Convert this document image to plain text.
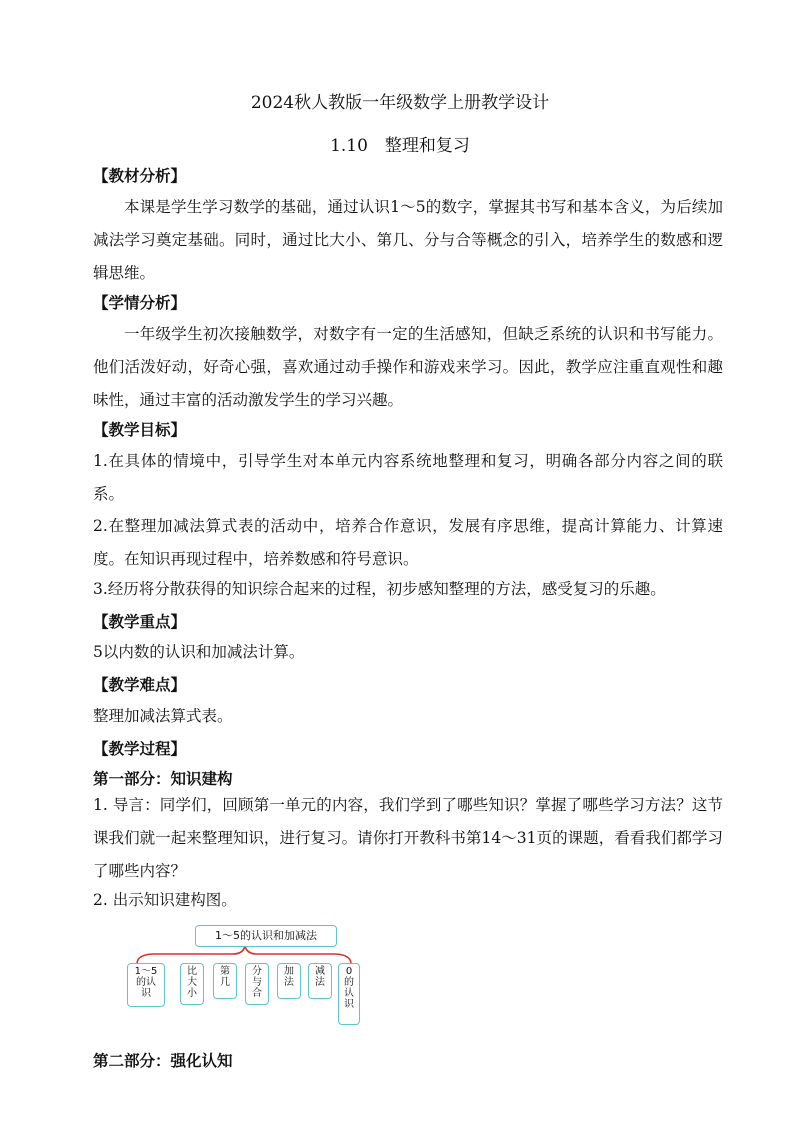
2024秋人教版一年级数学上册教学设计
1.10　整理和复习
【教材分析】
本课是学生学习数学的基础，通过认识1～5的数字，掌握其书写和基本含义，为后续加减法学习奠定基础。同时，通过比大小、第几、分与合等概念的引入，培养学生的数感和逻辑思维。
【学情分析】
一年级学生初次接触数学，对数字有一定的生活感知，但缺乏系统的认识和书写能力。他们活泼好动，好奇心强，喜欢通过动手操作和游戏来学习。因此，教学应注重直观性和趣味性，通过丰富的活动激发学生的学习兴趣。
【教学目标】
1.在具体的情境中，引导学生对本单元内容系统地整理和复习，明确各部分内容之间的联系。
2.在整理加减法算式表的活动中，培养合作意识，发展有序思维，提高计算能力、计算速度。在知识再现过程中，培养数感和符号意识。
3.经历将分散获得的知识综合起来的过程，初步感知整理的方法，感受复习的乐趣。
【教学重点】
5以内数的认识和加减法计算。
【教学难点】
整理加减法算式表。
【教学过程】
第一部分：知识建构
1. 导言：同学们，回顾第一单元的内容，我们学到了哪些知识？掌握了哪些学习方法？这节课我们就一起来整理知识，进行复习。请你打开教科书第14～31页的课题，看看我们都学习了哪些内容？
2. 出示知识建构图。
1～5的认识和加减法
1～5
的认
识
比
大
小
第
几
分
与
合
加
法
减
法
0
的
认
识
第二部分：强化认知
